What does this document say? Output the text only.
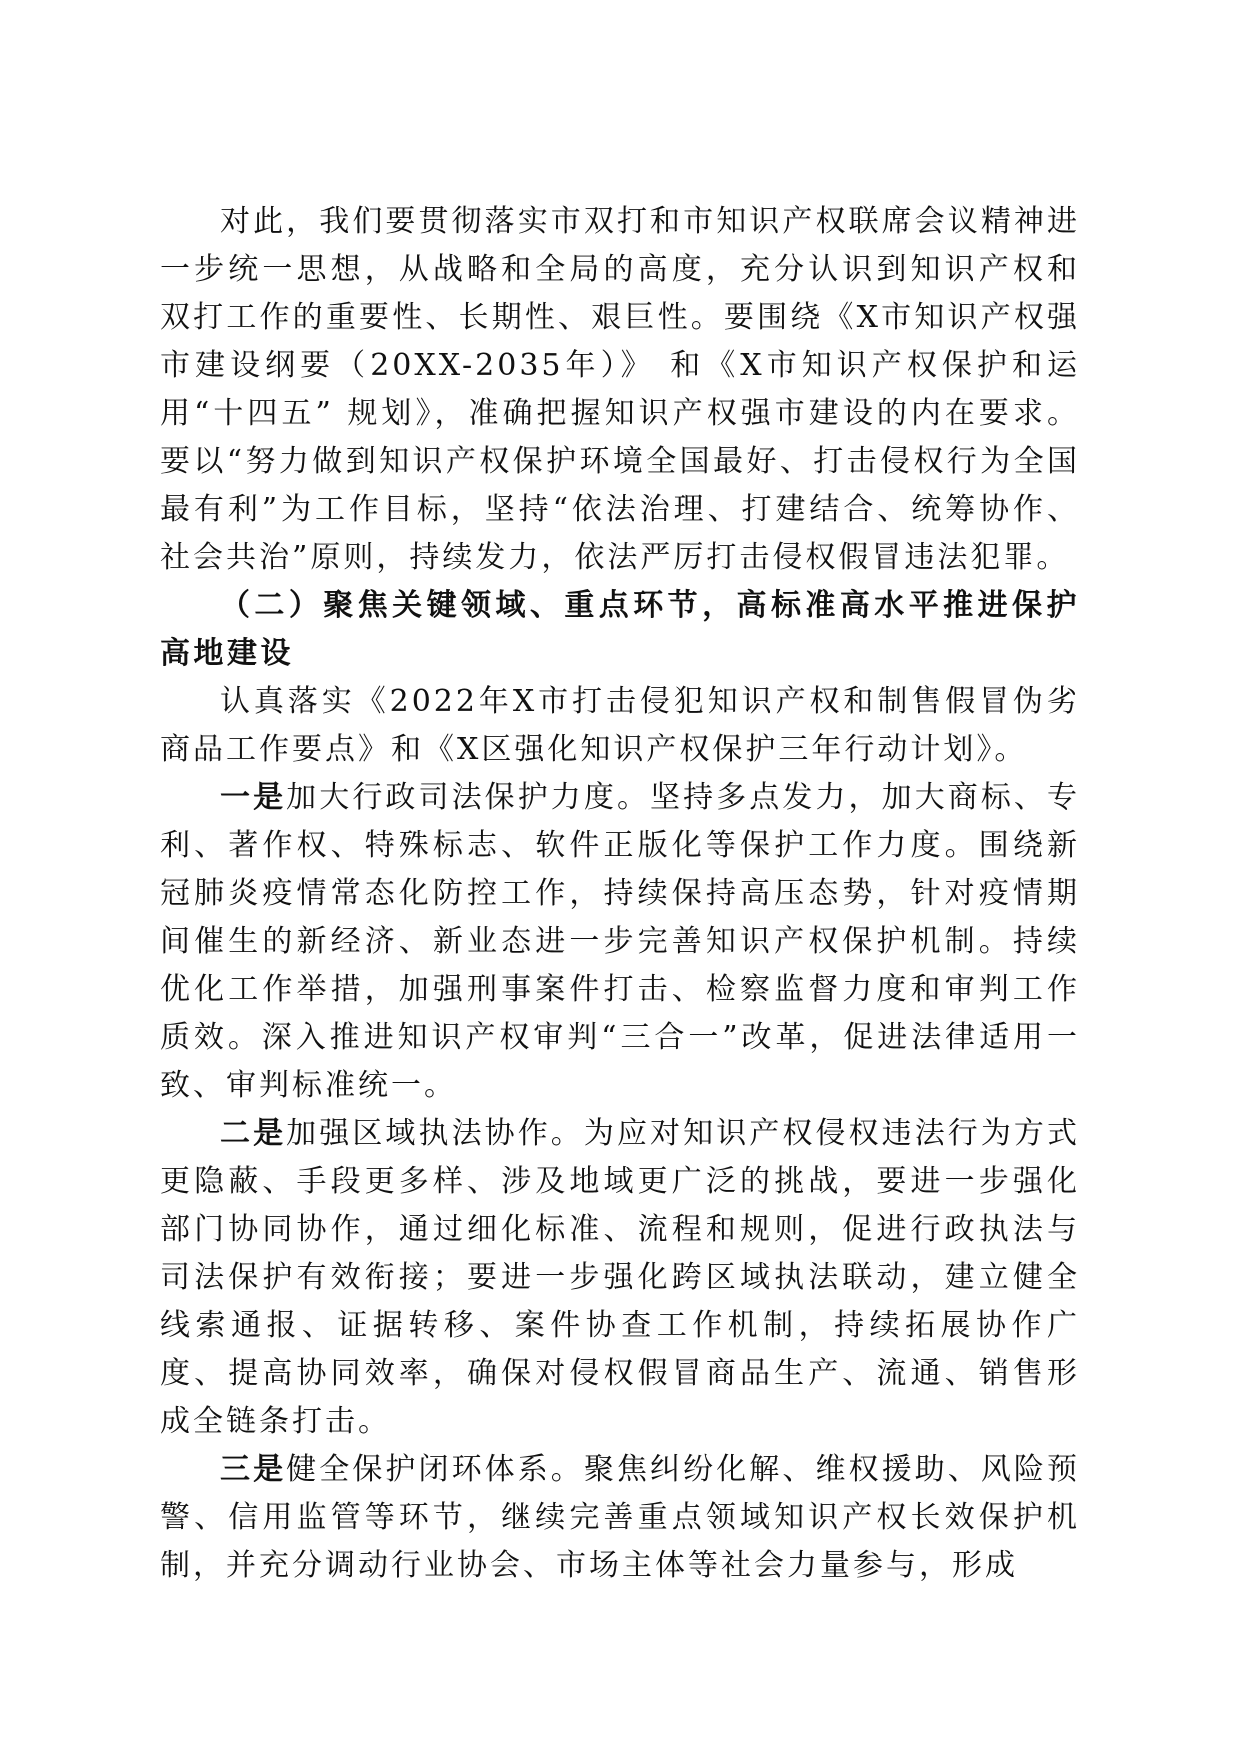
对此，我们要贯彻落实市双打和市知识产权联席会议精神进一步统一思想，从战略和全局的高度，充分认识到知识产权和双打工作的重要性、长期性、艰巨性。要围绕《X市知识产权强市建设纲要（20XX-2035年）》 和《X市知识产权保护和运用“十四五” 规划》，准确把握知识产权强市建设的内在要求。要以“努力做到知识产权保护环境全国最好、打击侵权行为全国最有利”为工作目标，坚持“依法治理、打建结合、统筹协作、社会共治”原则，持续发力，依法严厉打击侵权假冒违法犯罪。

（二）聚焦关键领域、重点环节，高标准高水平推进保护高地建设

认真落实《2022年X市打击侵犯知识产权和制售假冒伪劣商品工作要点》和《X区强化知识产权保护三年行动计划》。

一是加大行政司法保护力度。坚持多点发力，加大商标、专利、著作权、特殊标志、软件正版化等保护工作力度。围绕新冠肺炎疫情常态化防控工作，持续保持高压态势，针对疫情期间催生的新经济、新业态进一步完善知识产权保护机制。持续优化工作举措，加强刑事案件打击、检察监督力度和审判工作质效。深入推进知识产权审判“三合一”改革，促进法律适用一致、审判标准统一。

二是加强区域执法协作。为应对知识产权侵权违法行为方式更隐蔽、手段更多样、涉及地域更广泛的挑战，要进一步强化部门协同协作，通过细化标准、流程和规则，促进行政执法与司法保护有效衔接；要进一步强化跨区域执法联动，建立健全线索通报、证据转移、案件协查工作机制，持续拓展协作广度、提高协同效率，确保对侵权假冒商品生产、流通、销售形成全链条打击。

三是健全保护闭环体系。聚焦纠纷化解、维权援助、风险预警、信用监管等环节，继续完善重点领域知识产权长效保护机制，并充分调动行业协会、市场主体等社会力量参与，形成
